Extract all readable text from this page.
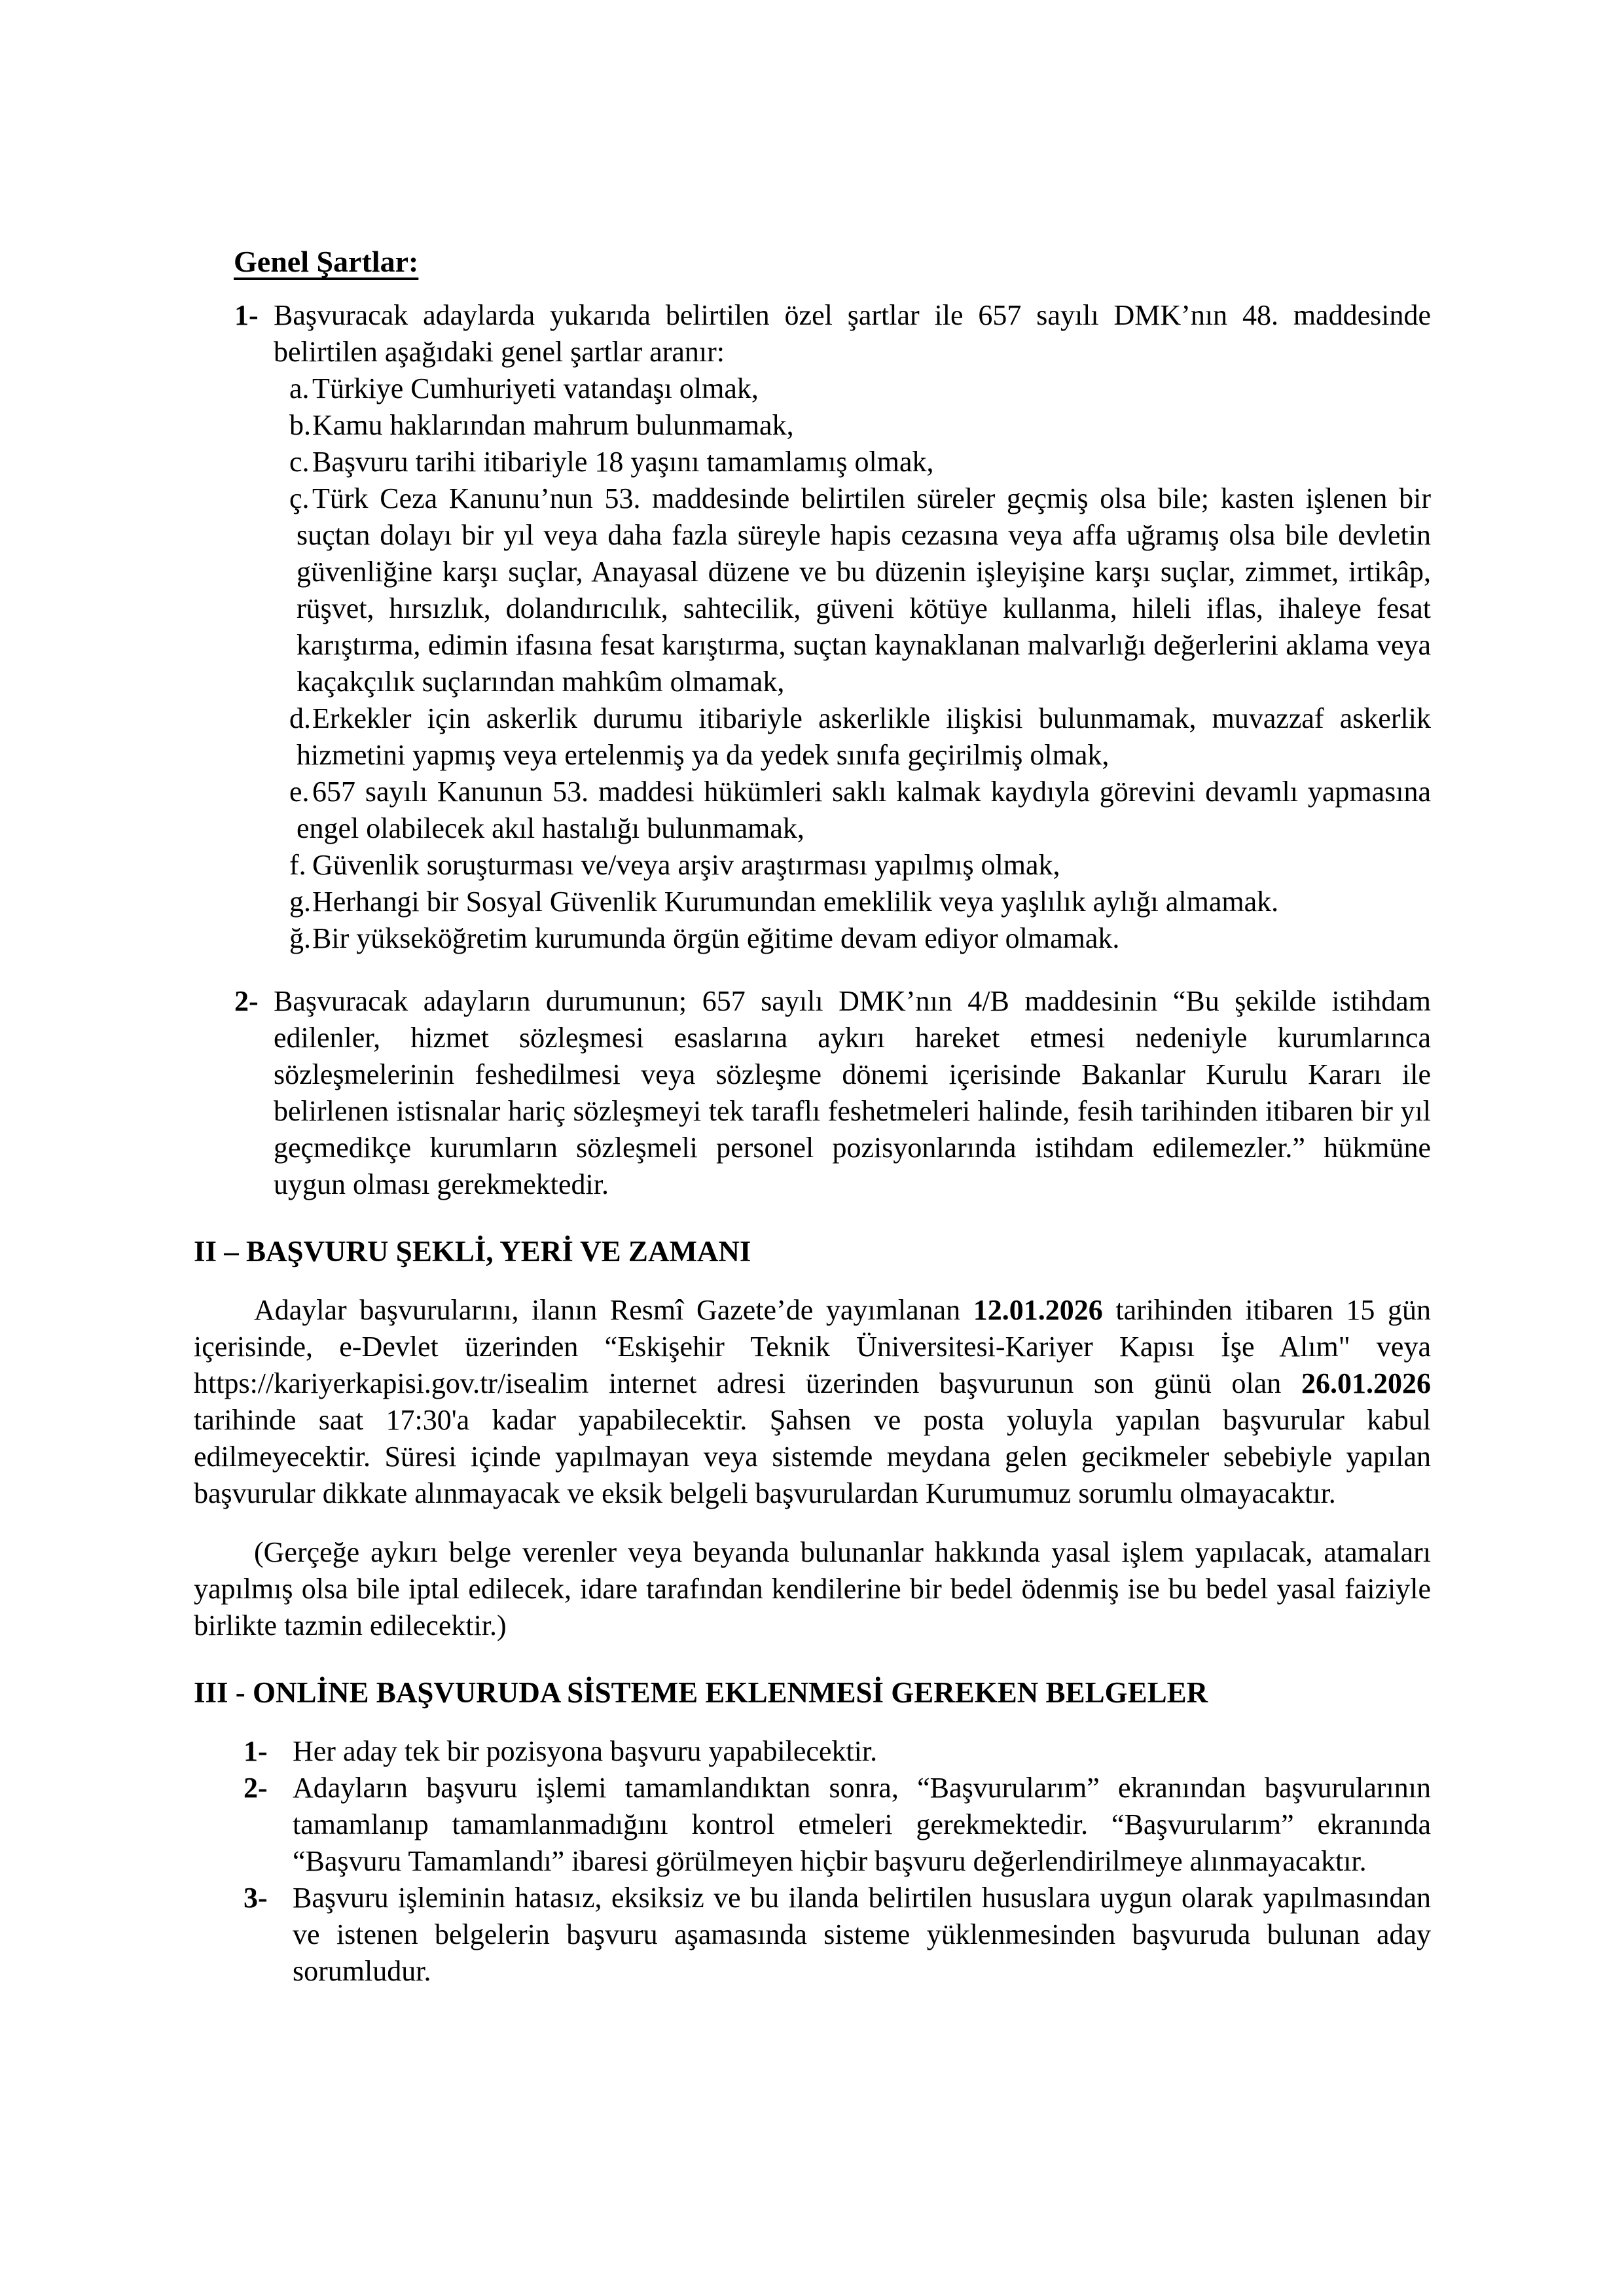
Genel Şartlar:
1- Başvuracak adaylarda yukarıda belirtilen özel şartlar ile 657 sayılı DMK’nın 48. maddesinde belirtilen aşağıdaki genel şartlar aranır:

a. Türkiye Cumhuriyeti vatandaşı olmak,
b. Kamu haklarından mahrum bulunmamak,
c. Başvuru tarihi itibariyle 18 yaşını tamamlamış olmak,
ç. Türk Ceza Kanunu’nun 53. maddesinde belirtilen süreler geçmiş olsa bile; kasten işlenen bir suçtan dolayı bir yıl veya daha fazla süreyle hapis cezasına veya affa uğramış olsa bile devletin güvenliğine karşı suçlar, Anayasal düzene ve bu düzenin işleyişine karşı suçlar, zimmet, irtikâp, rüşvet, hırsızlık, dolandırıcılık, sahtecilik, güveni kötüye kullanma, hileli iflas, ihaleye fesat karıştırma, edimin ifasına fesat karıştırma, suçtan kaynaklanan malvarlığı değerlerini aklama veya kaçakçılık suçlarından mahkûm olmamak,
d. Erkekler için askerlik durumu itibariyle askerlikle ilişkisi bulunmamak, muvazzaf askerlik hizmetini yapmış veya ertelenmiş ya da yedek sınıfa geçirilmiş olmak,
e. 657 sayılı Kanunun 53. maddesi hükümleri saklı kalmak kaydıyla görevini devamlı yapmasına engel olabilecek akıl hastalığı bulunmamak,
f. Güvenlik soruşturması ve/veya arşiv araştırması yapılmış olmak,
g. Herhangi bir Sosyal Güvenlik Kurumundan emeklilik veya yaşlılık aylığı almamak.
ğ. Bir yükseköğretim kurumunda örgün eğitime devam ediyor olmamak.
2- Başvuracak adayların durumunun; 657 sayılı DMK’nın 4/B maddesinin “Bu şekilde istihdam edilenler, hizmet sözleşmesi esaslarına aykırı hareket etmesi nedeniyle kurumlarınca sözleşmelerinin feshedilmesi veya sözleşme dönemi içerisinde Bakanlar Kurulu Kararı ile belirlenen istisnalar hariç sözleşmeyi tek taraflı feshetmeleri halinde, fesih tarihinden itibaren bir yıl geçmedikçe kurumların sözleşmeli personel pozisyonlarında istihdam edilemezler.” hükmüne uygun olması gerekmektedir.

II – BAŞVURU ŞEKLİ, YERİ VE ZAMANI

Adaylar başvurularını, ilanın Resmî Gazete’de yayımlanan 12.01.2026 tarihinden itibaren 15 gün içerisinde, e-Devlet üzerinden “Eskişehir Teknik Üniversitesi-Kariyer Kapısı İşe Alım" veya https://kariyerkapisi.gov.tr/isealim internet adresi üzerinden başvurunun son günü olan 26.01.2026 tarihinde saat 17:30'a kadar yapabilecektir. Şahsen ve posta yoluyla yapılan başvurular kabul edilmeyecektir. Süresi içinde yapılmayan veya sistemde meydana gelen gecikmeler sebebiyle yapılan başvurular dikkate alınmayacak ve eksik belgeli başvurulardan Kurumumuz sorumlu olmayacaktır.

(Gerçeğe aykırı belge verenler veya beyanda bulunanlar hakkında yasal işlem yapılacak, atamaları yapılmış olsa bile iptal edilecek, idare tarafından kendilerine bir bedel ödenmiş ise bu bedel yasal faiziyle birlikte tazmin edilecektir.)

III - ONLİNE BAŞVURUDA SİSTEME EKLENMESİ GEREKEN BELGELER
1- Her aday tek bir pozisyona başvuru yapabilecektir.

2- Adayların başvuru işlemi tamamlandıktan sonra, “Başvurularım” ekranından başvurularının tamamlanıp tamamlanmadığını kontrol etmeleri gerekmektedir. “Başvurularım” ekranında “Başvuru Tamamlandı” ibaresi görülmeyen hiçbir başvuru değerlendirilmeye alınmayacaktır.

3- Başvuru işleminin hatasız, eksiksiz ve bu ilanda belirtilen hususlara uygun olarak yapılmasından ve istenen belgelerin başvuru aşamasında sisteme yüklenmesinden başvuruda bulunan aday sorumludur.
